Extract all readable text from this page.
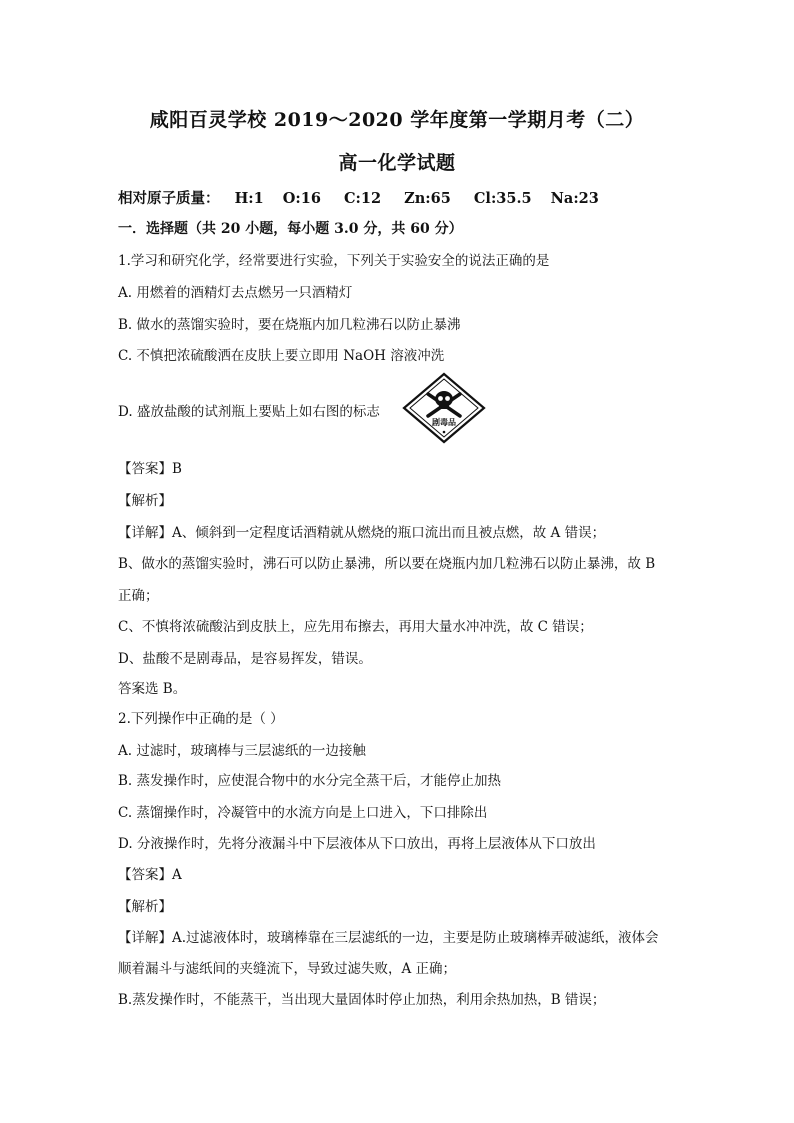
咸阳百灵学校 2019～2020 学年度第一学期月考（二）
高一化学试题
相对原子质量： H:1 O:16 C:12 Zn:65 Cl:35.5 Na:23
一．选择题（共 20 小题，每小题 3.0 分，共 60 分）
1.学习和研究化学，经常要进行实验，下列关于实验安全的说法正确的是
A. 用燃着的酒精灯去点燃另一只酒精灯
B. 做水的蒸馏实验时，要在烧瓶内加几粒沸石以防止暴沸
C. 不慎把浓硫酸洒在皮肤上要立即用 NaOH 溶液冲洗
D. 盛放盐酸的试剂瓶上要贴上如右图的标志
剧毒品
【答案】B
【解析】
【详解】A、倾斜到一定程度话酒精就从燃烧的瓶口流出而且被点燃，故 A 错误；
B、做水的蒸馏实验时，沸石可以防止暴沸，所以要在烧瓶内加几粒沸石以防止暴沸，故 B
正确；
C、不慎将浓硫酸沾到皮肤上，应先用布擦去，再用大量水冲冲洗，故 C 错误；
D、盐酸不是剧毒品，是容易挥发，错误。
答案选 B。
2.下列操作中正确的是（ ）
A. 过滤时，玻璃棒与三层滤纸的一边接触
B. 蒸发操作时，应使混合物中的水分完全蒸干后，才能停止加热
C. 蒸馏操作时，冷凝管中的水流方向是上口进入，下口排除出
D. 分液操作时，先将分液漏斗中下层液体从下口放出，再将上层液体从下口放出
【答案】A
【解析】
【详解】A.过滤液体时，玻璃棒靠在三层滤纸的一边，主要是防止玻璃棒弄破滤纸，液体会
顺着漏斗与滤纸间的夹缝流下，导致过滤失败，A 正确；
B.蒸发操作时，不能蒸干，当出现大量固体时停止加热，利用余热加热，B 错误；
